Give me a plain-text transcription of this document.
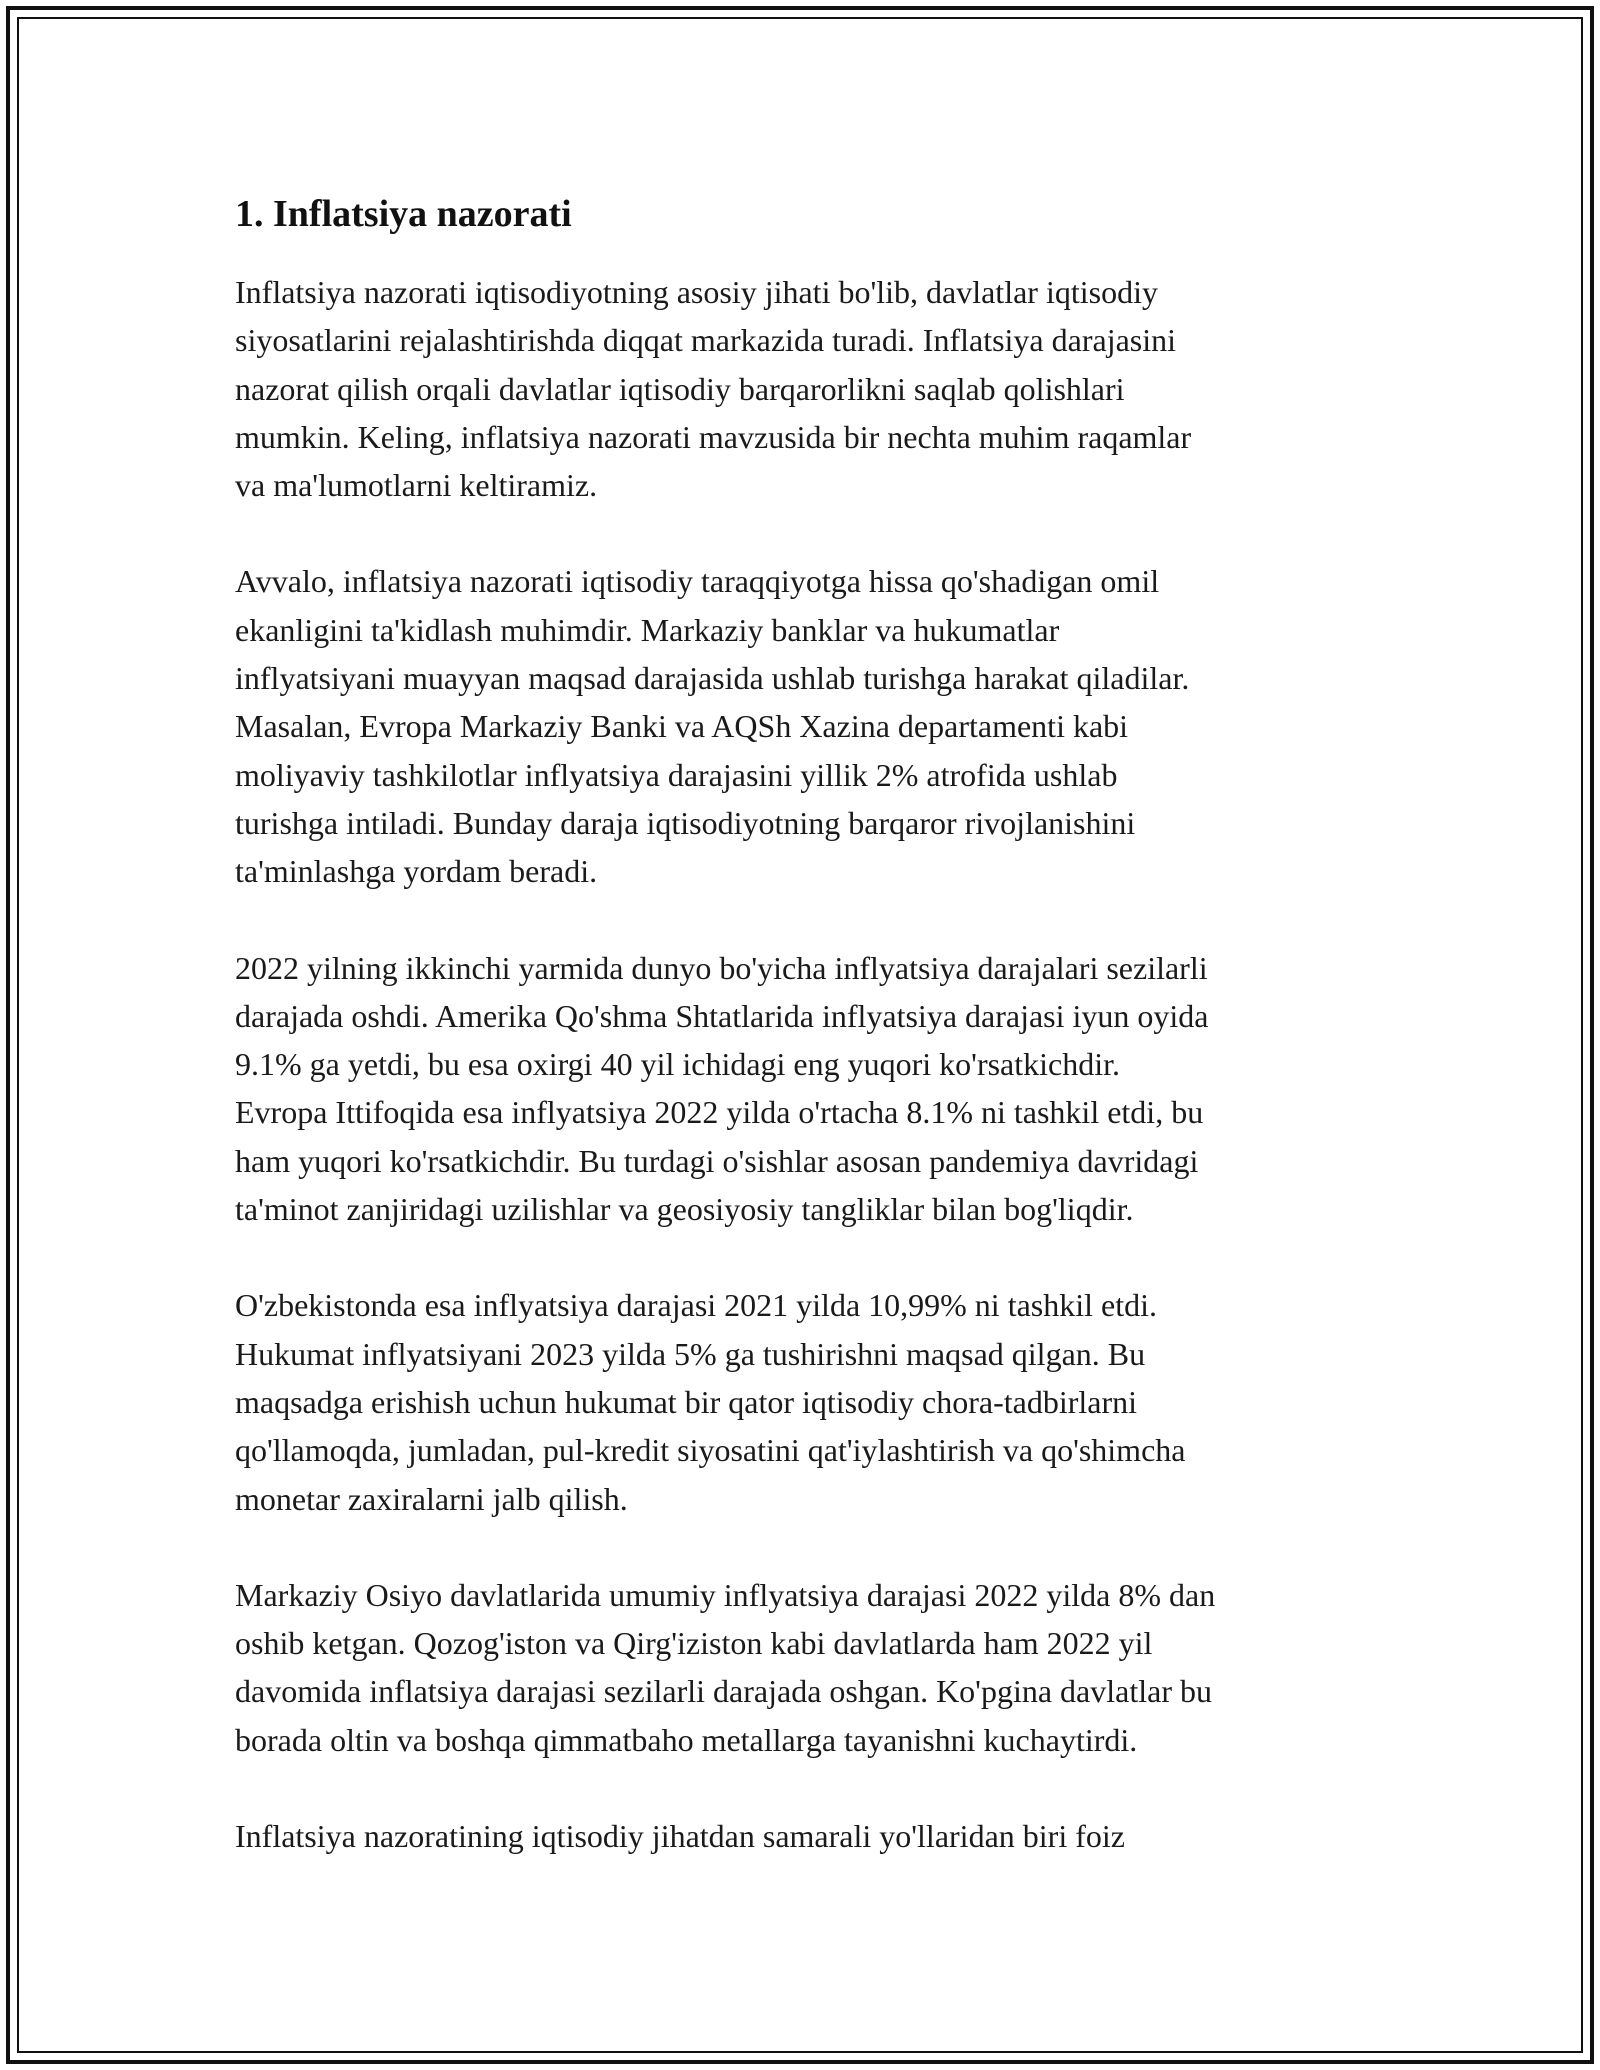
1. Inflatsiya nazorati

Inflatsiya nazorati iqtisodiyotning asosiy jihati bo'lib, davlatlar iqtisodiy
siyosatlarini rejalashtirishda diqqat markazida turadi. Inflatsiya darajasini
nazorat qilish orqali davlatlar iqtisodiy barqarorlikni saqlab qolishlari
mumkin. Keling, inflatsiya nazorati mavzusida bir nechta muhim raqamlar
va ma'lumotlarni keltiramiz.

Avvalo, inflatsiya nazorati iqtisodiy taraqqiyotga hissa qo'shadigan omil
ekanligini ta'kidlash muhimdir. Markaziy banklar va hukumatlar
inflyatsiyani muayyan maqsad darajasida ushlab turishga harakat qiladilar.
Masalan, Evropa Markaziy Banki va AQSh Xazina departamenti kabi
moliyaviy tashkilotlar inflyatsiya darajasini yillik 2% atrofida ushlab
turishga intiladi. Bunday daraja iqtisodiyotning barqaror rivojlanishini
ta'minlashga yordam beradi.

2022 yilning ikkinchi yarmida dunyo bo'yicha inflyatsiya darajalari sezilarli
darajada oshdi. Amerika Qo'shma Shtatlarida inflyatsiya darajasi iyun oyida
9.1% ga yetdi, bu esa oxirgi 40 yil ichidagi eng yuqori ko'rsatkichdir.
Evropa Ittifoqida esa inflyatsiya 2022 yilda o'rtacha 8.1% ni tashkil etdi, bu
ham yuqori ko'rsatkichdir. Bu turdagi o'sishlar asosan pandemiya davridagi
ta'minot zanjiridagi uzilishlar va geosiyosiy tangliklar bilan bog'liqdir.

O'zbekistonda esa inflyatsiya darajasi 2021 yilda 10,99% ni tashkil etdi.
Hukumat inflyatsiyani 2023 yilda 5% ga tushirishni maqsad qilgan. Bu
maqsadga erishish uchun hukumat bir qator iqtisodiy chora-tadbirlarni
qo'llamoqda, jumladan, pul-kredit siyosatini qat'iylashtirish va qo'shimcha
monetar zaxiralarni jalb qilish.

Markaziy Osiyo davlatlarida umumiy inflyatsiya darajasi 2022 yilda 8% dan
oshib ketgan. Qozog'iston va Qirg'iziston kabi davlatlarda ham 2022 yil
davomida inflatsiya darajasi sezilarli darajada oshgan. Ko'pgina davlatlar bu
borada oltin va boshqa qimmatbaho metallarga tayanishni kuchaytirdi.

Inflatsiya nazoratining iqtisodiy jihatdan samarali yo'llaridan biri foiz
